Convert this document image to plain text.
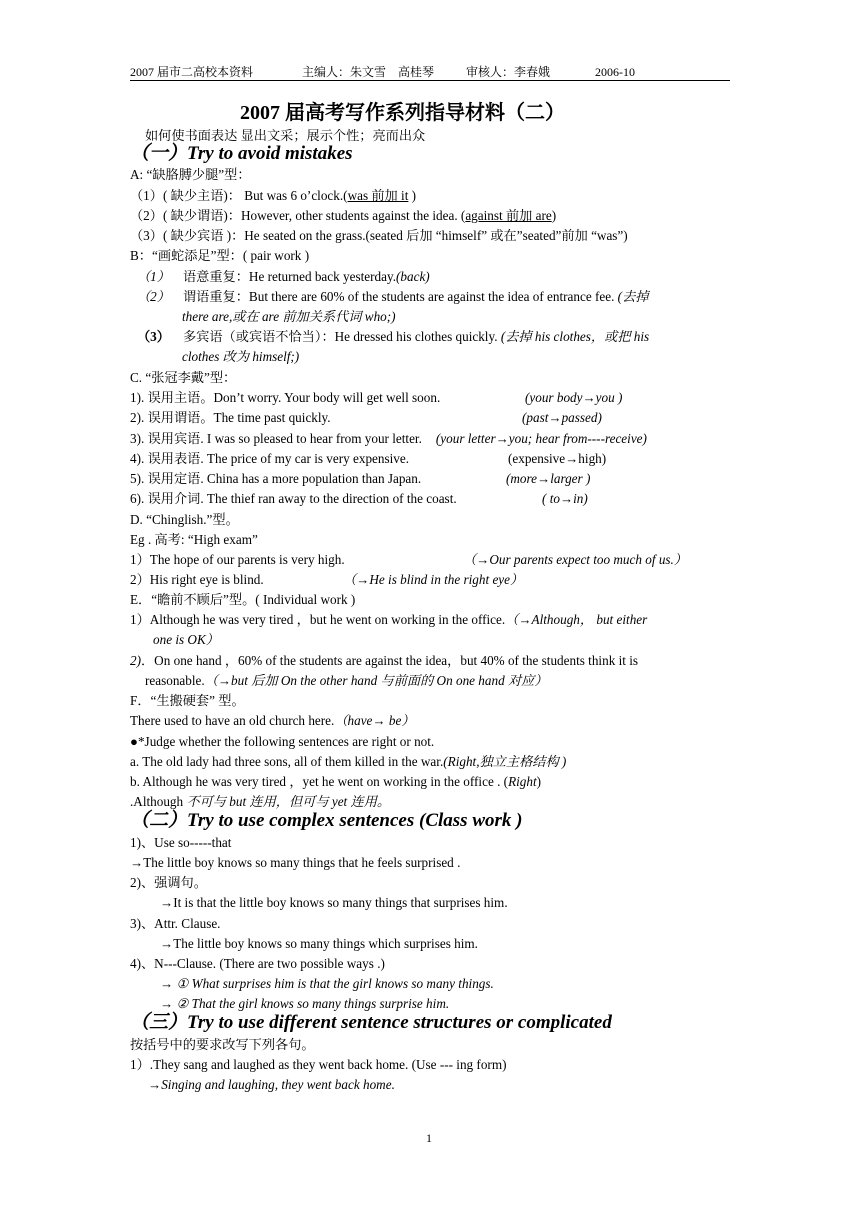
2007 届市二高校本资料	主编人：朱文雪　高桂琴	审核人：李春娥	2006-10
2007 届高考写作系列指导材料（二）
如何使书面表达 显出文采；展示个性；亮而出众
（一）Try to avoid mistakes
A: “缺胳膊少腿”型：
（1）( 缺少主语)： But was 6 o’clock.(was 前加 it )
（2）( 缺少谓语)：However, other students against the idea. (against 前加 are)
（3）( 缺少宾语 )：He seated on the grass.(seated 后加 “himself” 或在”seated”前加 “was”)
B：“画蛇添足”型：( pair work )
（1） 语意重复：He returned back yesterday.(back)
（2） 谓语重复：But there are 60% of the students are against the idea of entrance fee. (去掉
there are,或在 are 前加关系代词 who;)
（3） 多宾语（或宾语不恰当）：He dressed his clothes quickly. (去掉 his clothes，或把 his
clothes 改为 himself;)
C. “张冠李戴”型：
1). 误用主语。Don’t worry. Your body will get well soon.	(your body→you )
2). 误用谓语。The time past quickly.	(past→passed)
3). 误用宾语. I was so pleased to hear from your letter. (your letter→you; hear from----receive)
4). 误用表语. The price of my car is very expensive.	(expensive→high)
5). 误用定语. China has a more population than Japan.	(more→larger )
6). 误用介词. The thief ran away to the direction of the coast.	( to→in)
D. “Chinglish.”型。
Eg . 高考: “High exam”
1）The hope of our parents is very high.	（→Our parents expect too much of us.）
2）His right eye is blind.	（→He is blind in the right eye）
E．“瞻前不顾后”型。( Individual work )
1）Although he was very tired ，but he went on working in the office.（→Although， but either
one is OK）
2)．On one hand ，60% of the students are against the idea，but 40% of the students think it is
reasonable.（→but 后加 On the other hand 与前面的 On one hand 对应）
F．“生搬硬套” 型。
There used to have an old church here.（have→ be）
●*Judge whether the following sentences are right or not.
a. The old lady had three sons, all of them killed in the war.(Right,独立主格结构 )
b. Although he was very tired ，yet he went on working in the office . (Right)
.Although 不可与 but 连用，但可与 yet 连用。
（二）Try to use complex sentences (Class work )
1)、Use so-----that
→The little boy knows so many things that he feels surprised .
2)、强调句。
→It is that the little boy knows so many things that surprises him.
3)、Attr. Clause.
→The little boy knows so many things which surprises him.
4)、N---Clause. (There are two possible ways .)
→ ① What surprises him is that the girl knows so many things.
→ ② That the girl knows so many things surprise him.
（三）Try to use different sentence structures or complicated
按括号中的要求改写下列各句。
1）.They sang and laughed as they went back home. (Use --- ing form)
→Singing and laughing, they went back home.
1
